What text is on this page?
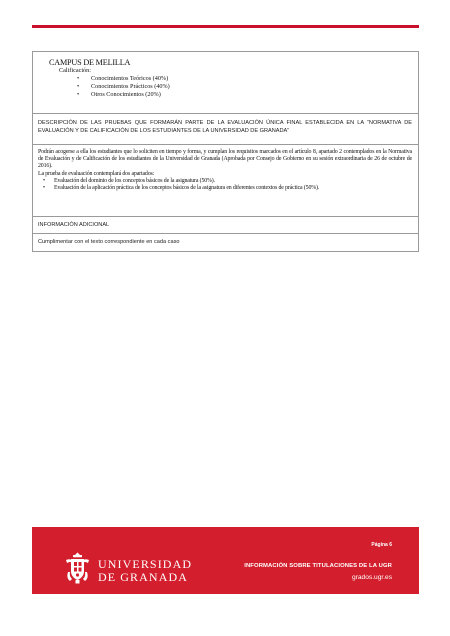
CAMPUS DE MELILLA
Calificación:
• Conocimientos Teóricos (40%)
• Conocimientos Prácticos (40%)
• Otros Conocimientos (20%)
DESCRIPCIÓN DE LAS PRUEBAS QUE FORMARÁN PARTE DE LA EVALUACIÓN ÚNICA FINAL ESTABLECIDA EN LA “NORMATIVA DE EVALUACIÓN Y DE CALIFICACIÓN DE LOS ESTUDIANTES DE LA UNIVERSIDAD DE GRANADA”
Podrán acogerse a ella los estudiantes que lo soliciten en tiempo y forma, y cumplan los requisitos marcados en el artículo 8, apartado 2 contemplados en la Normativa de Evaluación y de Calificación de los estudiantes de la Universidad de Granada (Aprobada por Consejo de Gobierno en su sesión extraordinaria de 26 de octubre de 2016).
La prueba de evaluación contemplará dos apartados:
• Evaluación del dominio de los conceptos básicos de la asignatura (50%).
• Evaluación de la aplicación práctica de los conceptos básicos de la asignatura en diferentes contextos de práctica (50%).
INFORMACIÓN ADICIONAL
Cumplimentar con el texto correspondiente en cada caso
UNIVERSIDAD
DE GRANADA
Página 6
INFORMACIÓN SOBRE TITULACIONES DE LA UGR
grados.ugr.es
